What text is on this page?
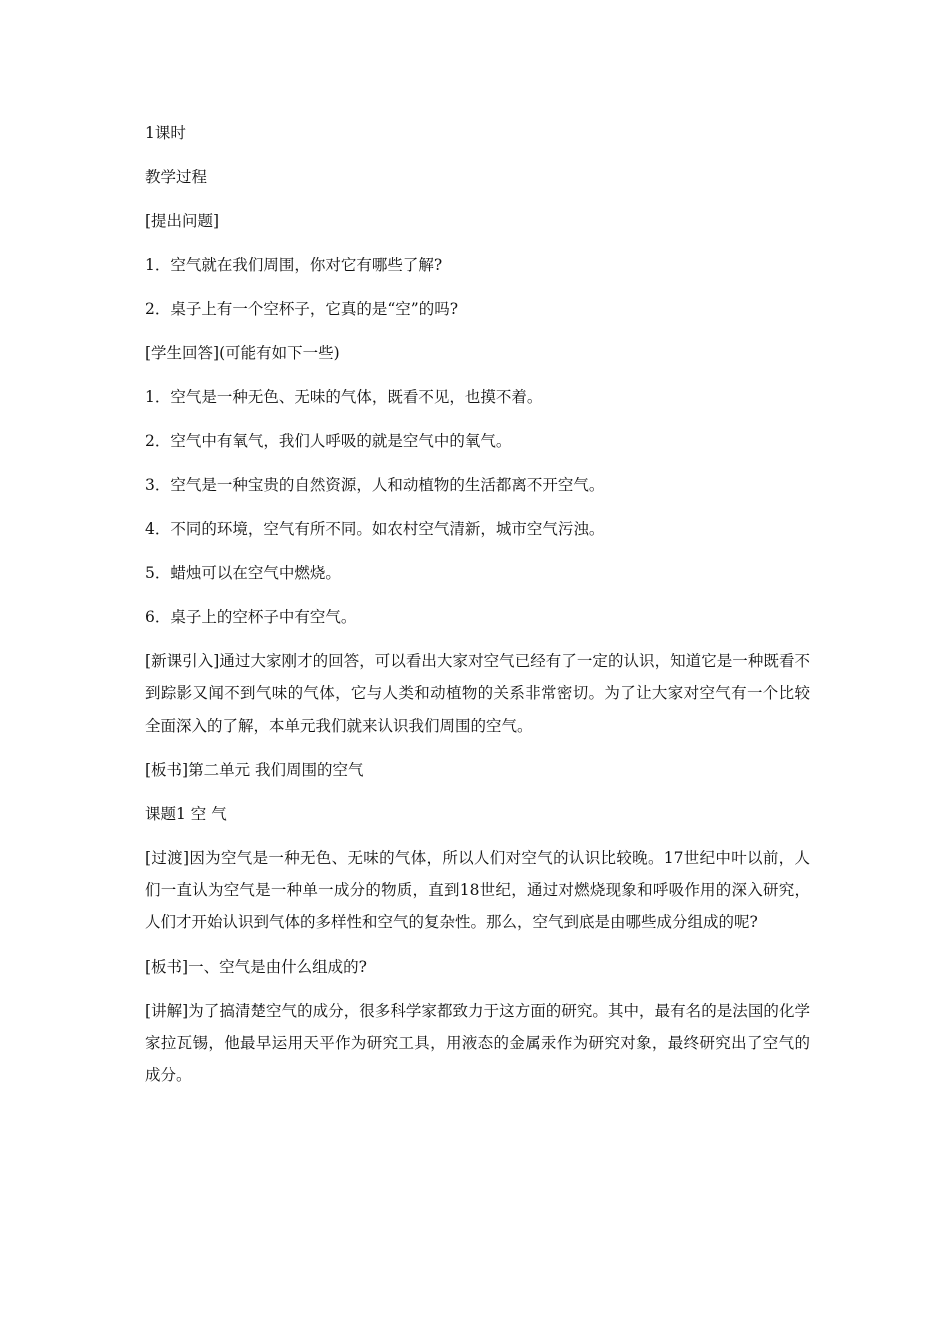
1课时
教学过程
[提出问题]
1．空气就在我们周围，你对它有哪些了解?
2．桌子上有一个空杯子，它真的是“空”的吗?
[学生回答](可能有如下一些)
1．空气是一种无色、无味的气体，既看不见，也摸不着。
2．空气中有氧气，我们人呼吸的就是空气中的氧气。
3．空气是一种宝贵的自然资源，人和动植物的生活都离不开空气。
4．不同的环境，空气有所不同。如农村空气清新，城市空气污浊。
5．蜡烛可以在空气中燃烧。
6．桌子上的空杯子中有空气。
[新课引入]通过大家刚才的回答，可以看出大家对空气已经有了一定的认识，知道它是一种既看不到踪影又闻不到气味的气体，它与人类和动植物的关系非常密切。为了让大家对空气有一个比较全面深入的了解，本单元我们就来认识我们周围的空气。
[板书]第二单元 我们周围的空气
课题1 空 气
[过渡]因为空气是一种无色、无味的气体，所以人们对空气的认识比较晚。17世纪中叶以前，人们一直认为空气是一种单一成分的物质，直到18世纪，通过对燃烧现象和呼吸作用的深入研究，人们才开始认识到气体的多样性和空气的复杂性。那么，空气到底是由哪些成分组成的呢?
[板书]一、空气是由什么组成的?
[讲解]为了搞清楚空气的成分，很多科学家都致力于这方面的研究。其中，最有名的是法国的化学家拉瓦锡，他最早运用天平作为研究工具，用液态的金属汞作为研究对象，最终研究出了空气的成分。
